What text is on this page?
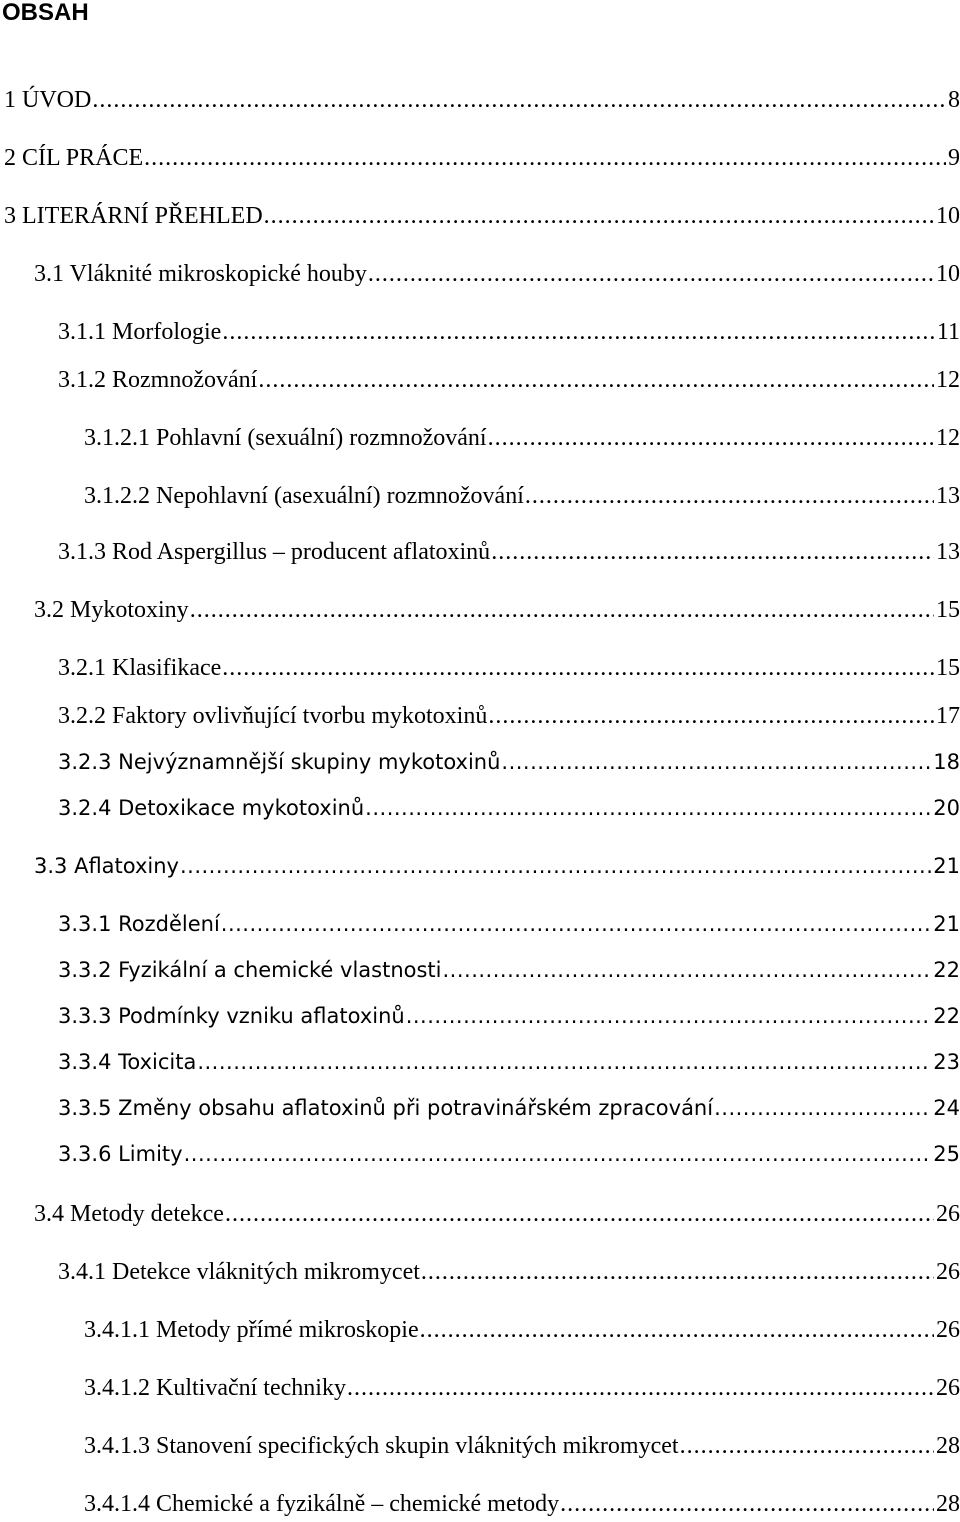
OBSAH
1 ÚVOD .....	8
2 CÍL PRÁCE .....	9
3 LITERÁRNÍ PŘEHLED .....	10
3.1 Vláknité mikroskopické houby .....	10
3.1.1 Morfologie .....	11
3.1.2 Rozmnožování .....	12
3.1.2.1 Pohlavní (sexuální) rozmnožování .....	12
3.1.2.2 Nepohlavní (asexuální) rozmnožování .....	13
3.1.3 Rod Aspergillus – producent aflatoxinů .....	13
3.2 Mykotoxiny .....	15
3.2.1 Klasifikace .....	15
3.2.2 Faktory ovlivňující tvorbu mykotoxinů .....	17
3.2.3 Nejvýznamnější skupiny mykotoxinů .....	18
3.2.4 Detoxikace mykotoxinů .....	20
3.3 Aflatoxiny .....	21
3.3.1 Rozdělení .....	21
3.3.2 Fyzikální a chemické vlastnosti .....	22
3.3.3 Podmínky vzniku aflatoxinů .....	22
3.3.4 Toxicita .....	23
3.3.5 Změny obsahu aflatoxinů při potravinářském zpracování .....	24
3.3.6 Limity .....	25
3.4 Metody detekce .....	26
3.4.1 Detekce vláknitých mikromycet .....	26
3.4.1.1 Metody přímé mikroskopie .....	26
3.4.1.2 Kultivační techniky .....	26
3.4.1.3 Stanovení specifických skupin vláknitých mikromycet .....	28
3.4.1.4 Chemické a fyzikálně – chemické metody .....	28
